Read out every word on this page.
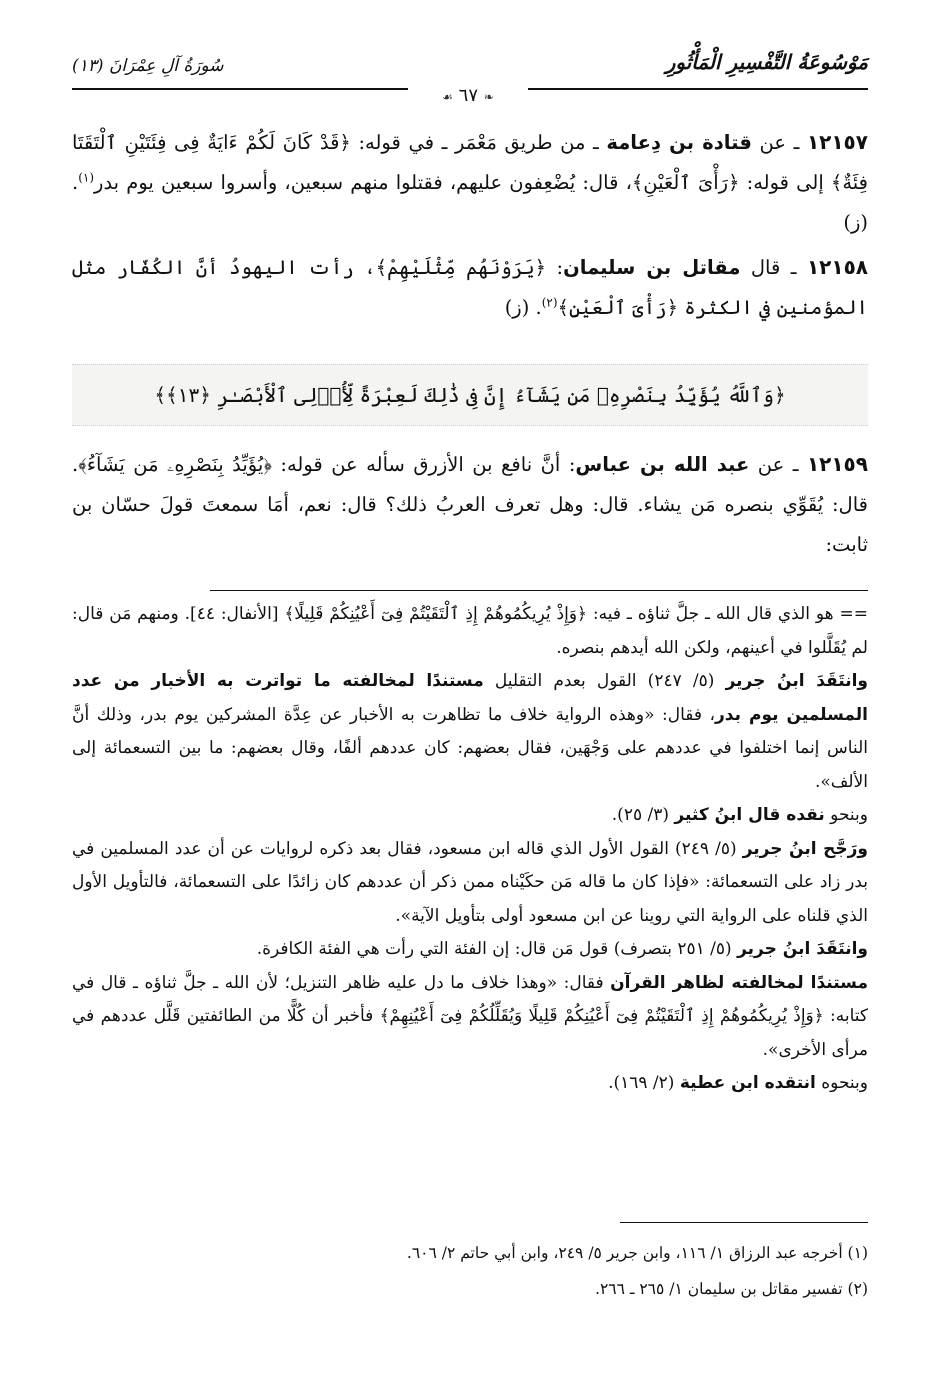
مَوْسُوعَةُ التَّفْسِيرِ الْمَأْثُورِ
سُورَةُ آلِ عِمْرَانَ (١٣)
❧ ٦٧ ☙

١٢١٥٧ ـ عن قتادة بن دِعامة ـ من طريق مَعْمَر ـ في قوله: ﴿قَدْ كَانَ لَكُمْ ءَايَةٌ فِى فِئَتَيْنِ ٱلْتَقَتَا فِئَةٌ﴾ إلى قوله: ﴿رَأْىَ ٱلْعَيْنِ﴾، قال: يُضْعِفون عليهم، فقتلوا منهم سبعين، وأسروا سبعين يوم بدر$^{(١)}$. (ز)

١٢١٥٨ ـ قال مقاتل بن سليمان: ﴿يَرَوْنَهُم مِّثْلَيْهِمْ﴾، رأت اليهودُ أنَّ الكُفّار مثل المؤمنين في الكثرة ﴿رَأْىَ ٱلْعَيْنِ﴾$^{(٢)}$. (ز)

﴿وَٱللَّهُ يُؤَيِّدُ بِنَصْرِهِۦ مَن يَشَآءُ إِنَّ فِى ذَٰلِكَ لَعِبْرَةً لِّأُو۟لِى ٱلْأَبْصَـٰرِ ﴿١٣﴾﴾

١٢١٥٩ ـ عن عبد الله بن عباس: أنَّ نافع بن الأزرق سأله عن قوله: ﴿يُؤَيِّدُ بِنَصْرِهِۦ مَن يَشَآءُ﴾. قال: يُقَوِّي بنصره مَن يشاء. قال: وهل تعرف العربُ ذلك؟ قال: نعم، أمَا سمعتَ قولَ حسّان بن ثابت:

== هو الذي قال الله ـ جلَّ ثناؤه ـ فيه: ﴿وَإِذْ يُرِيكُمُوهُمْ إِذِ ٱلْتَقَيْتُمْ فِىٓ أَعْيُنِكُمْ قَلِيلًا﴾ [الأنفال: ٤٤]. ومنهم مَن قال: لم يُقَلَّلوا في أعينهم، ولكن الله أيدهم بنصره.

وانتَقَدَ ابنُ جرير (٥/ ٢٤٧) القول بعدم التقليل مستندًا لمخالفته ما تواترت به الأخبار من عدد المسلمين يوم بدر، فقال: «وهذه الرواية خلاف ما تظاهرت به الأخبار عن عِدَّة المشركين يوم بدر، وذلك أنَّ الناس إنما اختلفوا في عددهم على وَجْهَين، فقال بعضهم: كان عددهم ألفًا، وقال بعضهم: ما بين التسعمائة إلى الألف».

وبنحو نقده قال ابنُ كثير (٣/ ٢٥).

ورَجَّح ابنُ جرير (٥/ ٢٤٩) القول الأول الذي قاله ابن مسعود، فقال بعد ذكره لروايات عن أن عدد المسلمين في بدر زاد على التسعمائة: «فإذا كان ما قاله مَن حكَيْناه ممن ذكر أن عددهم كان زائدًا على التسعمائة، فالتأويل الأول الذي قلناه على الرواية التي روينا عن ابن مسعود أولى بتأويل الآية».

وانتَقَدَ ابنُ جرير (٥/ ٢٥١ بتصرف) قول مَن قال: إن الفئة التي رأت هي الفئة الكافرة.

مستندًا لمخالفته لظاهر القرآن فقال: «وهذا خلاف ما دل عليه ظاهر التنزيل؛ لأن الله ـ جلَّ ثناؤه ـ قال في كتابه: ﴿وَإِذْ يُرِيكُمُوهُمْ إِذِ ٱلْتَقَيْتُمْ فِىٓ أَعْيُنِكُمْ قَلِيلًا وَيُقَلِّلُكُمْ فِىٓ أَعْيُنِهِمْ﴾ فأخبر أن كُلًّا من الطائفتين قَلَّل عددهم في مرأى الأخرى».

وبنحوه انتقده ابن عطية (٢/ ١٦٩).

(١) أخرجه عبد الرزاق ١/ ١١٦، وابن جرير ٥/ ٢٤٩، وابن أبي حاتم ٢/ ٦٠٦.

(٢) تفسير مقاتل بن سليمان ١/ ٢٦٥ ـ ٢٦٦.
